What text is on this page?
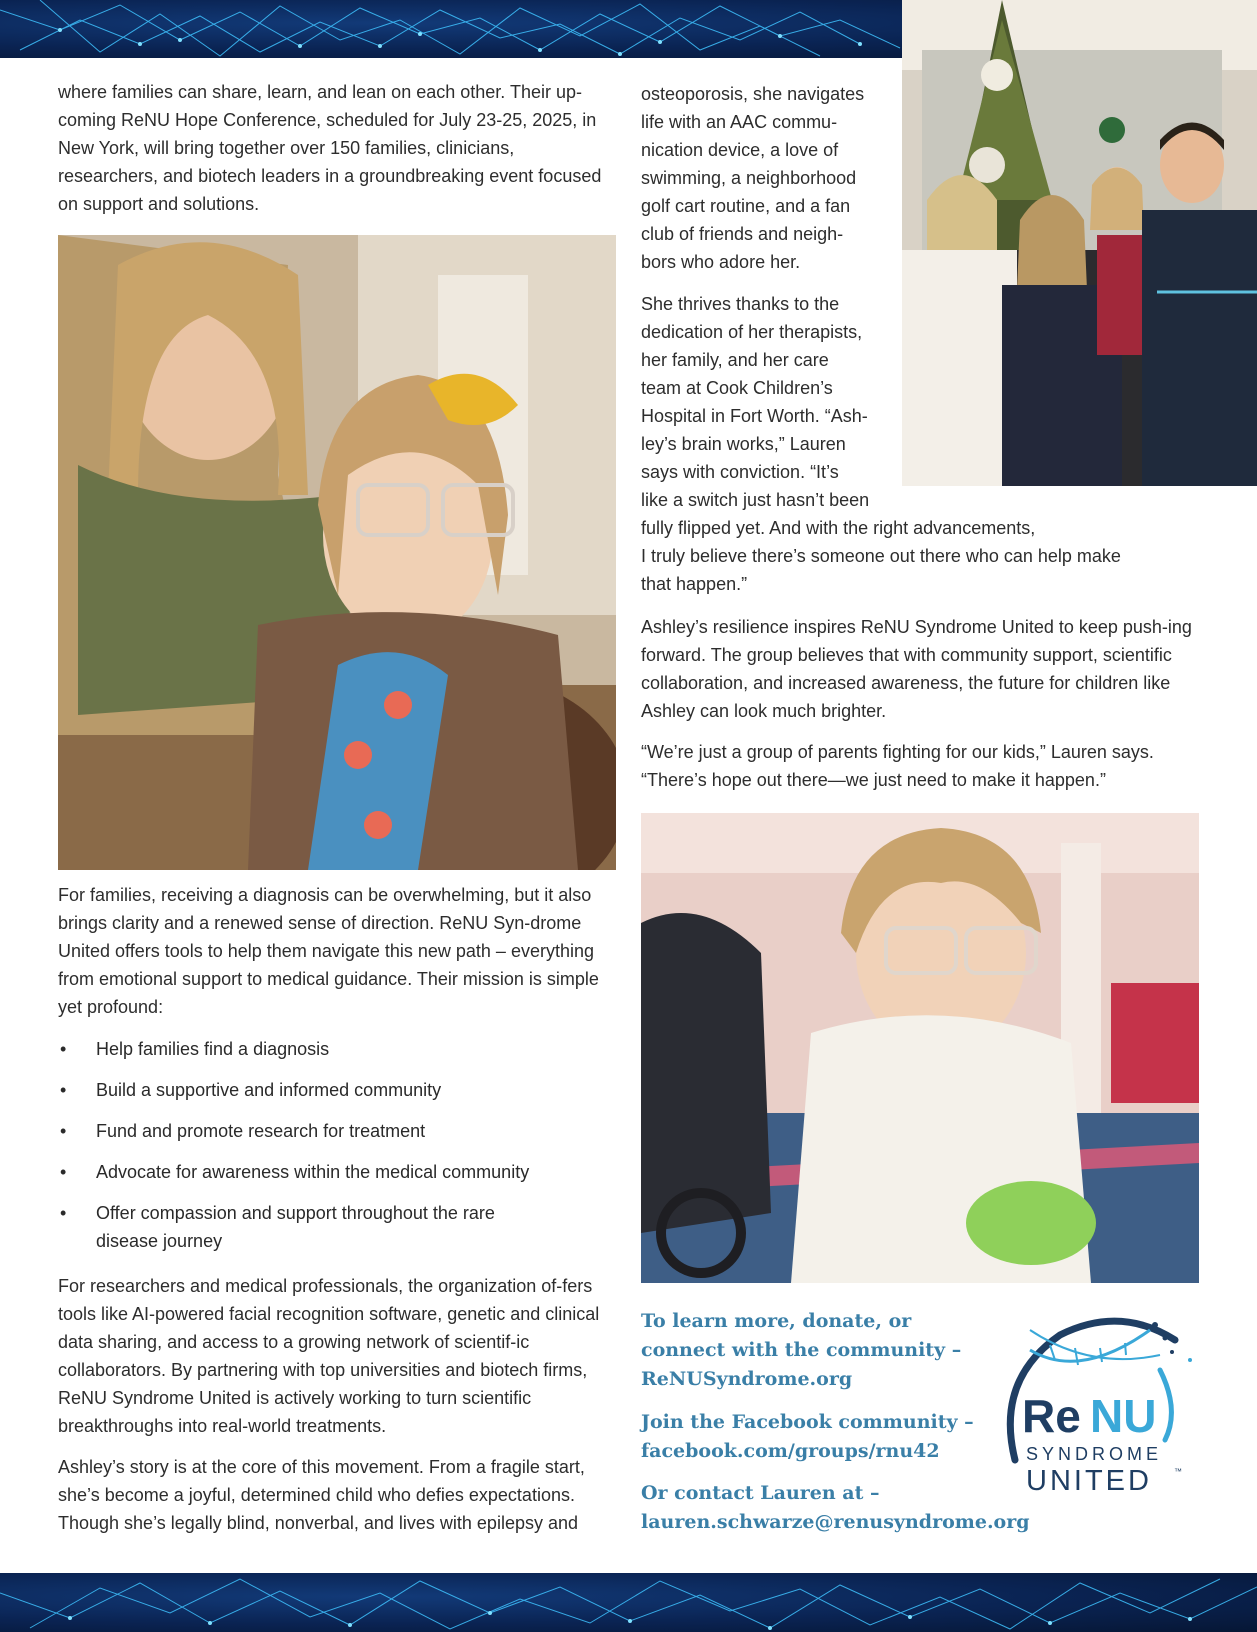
where families can share, learn, and lean on each other. Their up-coming ReNU Hope Conference, scheduled for July 23-25, 2025, in New York, will bring together over 150 families, clinicians, researchers, and biotech leaders in a groundbreaking event focused on support and solutions.

For families, receiving a diagnosis can be overwhelming, but it also brings clarity and a renewed sense of direction. ReNU Syn-drome United offers tools to help them navigate this new path – everything from emotional support to medical guidance. Their mission is simple yet profound:

• Help families find a diagnosis
• Build a supportive and informed community
• Fund and promote research for treatment
• Advocate for awareness within the medical community
• Offer compassion and support throughout the rare disease journey

For researchers and medical professionals, the organization of-fers tools like AI-powered facial recognition software, genetic and clinical data sharing, and access to a growing network of scientif-ic collaborators. By partnering with top universities and biotech firms, ReNU Syndrome United is actively working to turn scientific breakthroughs into real-world treatments.

Ashley’s story is at the core of this movement. From a fragile start, she’s become a joyful, determined child who defies expectations. Though she’s legally blind, nonverbal, and lives with epilepsy and

osteoporosis, she navigates
life with an AAC commu-
nication device, a love of
swimming, a neighborhood
golf cart routine, and a fan
club of friends and neigh-
bors who adore her.

She thrives thanks to the
dedication of her therapists,
her family, and her care
team at Cook Children’s
Hospital in Fort Worth. “Ash-
ley’s brain works,” Lauren
says with conviction. “It’s
like a switch just hasn’t been
fully flipped yet. And with the right advancements,
I truly believe there’s someone out there who can help make
that happen.”

Ashley’s resilience inspires ReNU Syndrome United to keep push-ing forward. The group believes that with community support, scientific collaboration, and increased awareness, the future for children like Ashley can look much brighter.

“We’re just a group of parents fighting for our kids,” Lauren says. “There’s hope out there—we just need to make it happen.”

To learn more, donate, or connect with the community – ReNUSyndrome.org

Join the Facebook community – facebook.com/groups/rnu42

Or contact Lauren at – lauren.schwarze@renusyndrome.org

Re NU
SYNDROME
UNITED	™
